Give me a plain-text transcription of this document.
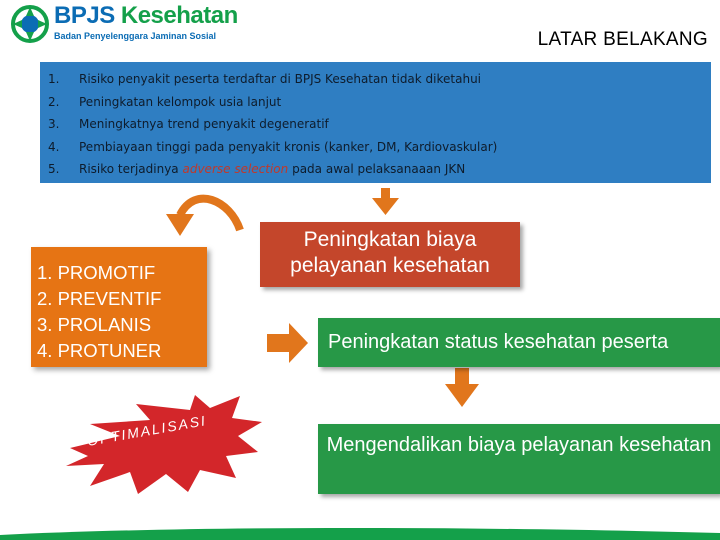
BPJS Kesehatan
Badan Penyelenggara Jaminan Sosial	LATAR BELAKANG
1. Risiko penyakit peserta terdaftar di BPJS Kesehatan tidak diketahui
2. Peningkatan kelompok usia lanjut
3. Meningkatnya trend penyakit degeneratif
4. Pembiayaan tinggi pada penyakit kronis (kanker, DM, Kardiovaskular)
5. Risiko terjadinya adverse selection pada awal pelaksanaaan JKN
OPTIMALISASI
1. PROMOTIF
2. PREVENTIF
3. PROLANIS
4. PROTUNER
Peningkatan biaya pelayanan kesehatan
Peningkatan status kesehatan peserta
Mengendalikan biaya pelayanan kesehatan
